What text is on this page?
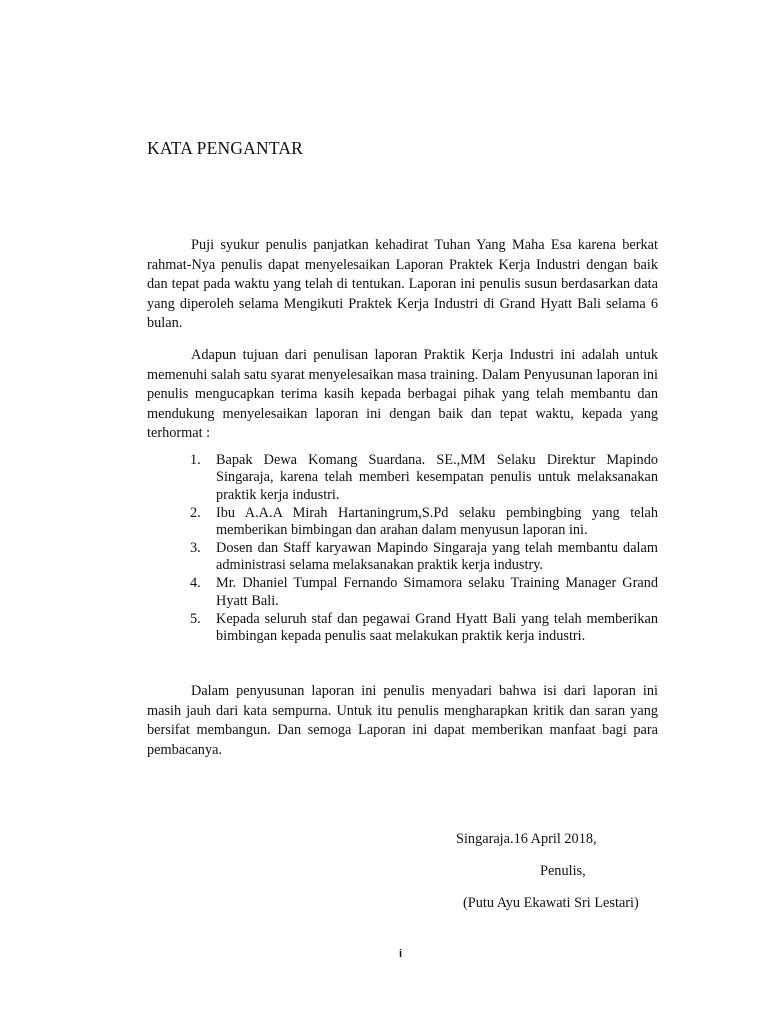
KATA PENGANTAR

Puji syukur penulis panjatkan kehadirat Tuhan Yang Maha Esa karena berkat rahmat-Nya penulis dapat menyelesaikan Laporan Praktek Kerja Industri dengan baik dan tepat pada waktu yang telah di tentukan. Laporan ini penulis susun berdasarkan data yang diperoleh selama Mengikuti Praktek Kerja Industri di Grand Hyatt Bali selama 6 bulan.

Adapun tujuan dari penulisan laporan Praktik Kerja Industri ini adalah untuk memenuhi salah satu syarat menyelesaikan masa training. Dalam Penyusunan laporan ini penulis mengucapkan terima kasih kepada berbagai pihak yang telah membantu dan mendukung menyelesaikan laporan ini dengan baik dan tepat waktu, kepada yang terhormat :

1. Bapak Dewa Komang Suardana. SE.,MM Selaku Direktur Mapindo Singaraja, karena telah memberi kesempatan penulis untuk melaksanakan praktik kerja industri.
2. Ibu A.A.A Mirah Hartaningrum,S.Pd selaku pembingbing yang telah memberikan bimbingan dan arahan dalam menyusun laporan ini.
3. Dosen dan Staff karyawan Mapindo Singaraja yang telah membantu dalam administrasi selama melaksanakan praktik kerja industry.
4. Mr. Dhaniel Tumpal Fernando Simamora selaku Training Manager Grand Hyatt Bali.
5. Kepada seluruh staf dan pegawai Grand Hyatt Bali yang telah memberikan bimbingan kepada penulis saat melakukan praktik kerja industri.

Dalam penyusunan laporan ini penulis menyadari bahwa isi dari laporan ini masih jauh dari kata sempurna. Untuk itu penulis mengharapkan kritik dan saran yang bersifat membangun. Dan semoga Laporan ini dapat memberikan manfaat bagi para pembacanya.

Singaraja.16 April 2018,
Penulis,
(Putu Ayu Ekawati Sri Lestari)
i
